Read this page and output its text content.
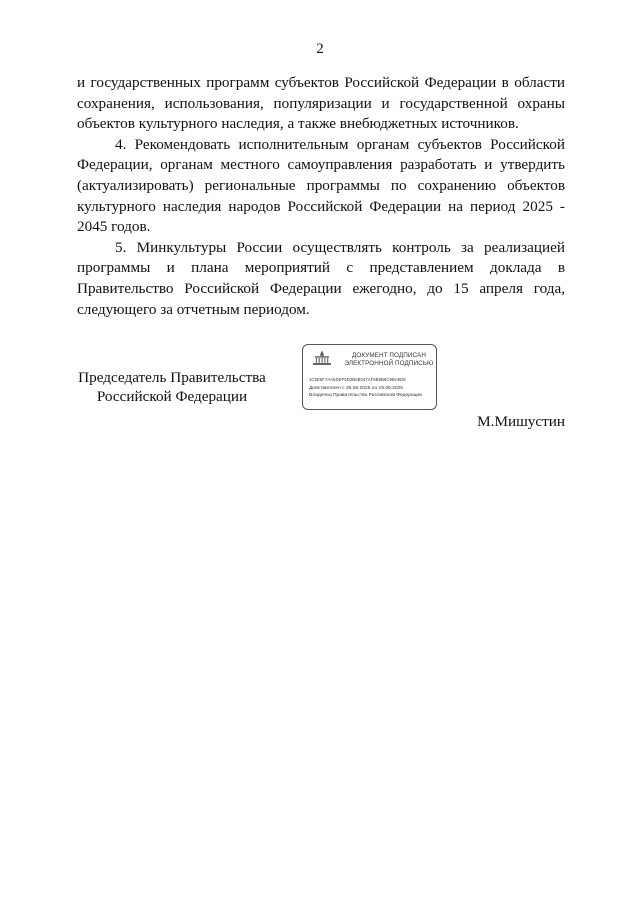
2

и государственных программ субъектов Российской Федерации в области сохранения, использования, популяризации и государственной охраны объектов культурного наследия, а также внебюджетных источников.

4. Рекомендовать исполнительным органам субъектов Российской Федерации, органам местного самоуправления разработать и утвердить (актуализировать) региональные программы по сохранению объектов культурного наследия народов Российской Федерации на период 2025 - 2045 годов.

5. Минкультуры России осуществлять контроль за реализацией программы и плана мероприятий с представлением доклада в Правительство Российской Федерации ежегодно, до 15 апреля года, следующего за отчетным периодом.

Председатель Правительства
Российской Федерации
ДОКУМЕНТ ПОДПИСАН
ЭЛЕКТРОННОЙ ПОДПИСЬЮ
1C5E5F7AA6DEF5D2B0B047AF5B6B6C9BA5DE
Действителен с 26.06.2025 по 19.09.2026
Владелец Правительство Российской Федерации
М.Мишустин
